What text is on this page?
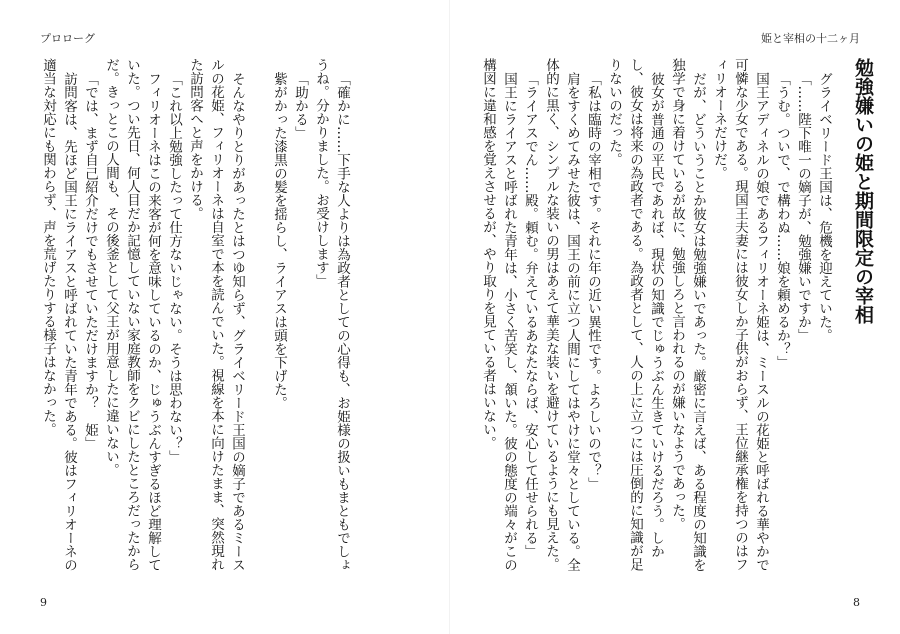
プロローグ

「確かに……下手な人よりは為政者としての心得も、お姫様の扱いもまともでしょうね。分かりました。お受けします」

「助かる」

紫がかった漆黒の髪を揺らし、ライアスは頭を下げた。

そんなやりとりがあったとはつゆ知らず、グライベリード王国の嫡子であるミースルの花姫、フィリオーネは自室で本を読んでいた。視線を本に向けたまま、突然現れた訪問客へと声をかける。

「これ以上勉強したって仕方ないじゃない。そうは思わない？」

フィリオーネはこの来客が何を意味しているのか、じゅうぶんすぎるほど理解していた。つい先日、何人目だか記憶していない家庭教師をクビにしたところだったからだ。きっとこの人間も、その後釜として父王が用意したに違いない。

「では、まず自己紹介だけでもさせていただけますか？　姫」

訪問客は、先ほど国王にライアスと呼ばれていた青年である。彼はフィリオーネの適当な対応にも関わらず、声を荒げたりする様子はなかった。

9
姫と宰相の十二ヶ月
勉強嫌いの姫と期間限定の宰相

グライベリード王国は、危機を迎えていた。

「……陛下唯一の嫡子が、勉強嫌いですか」

「うむ。ついで、で構わぬ……娘を頼めるか？」

国王アディネルの娘であるフィリオーネ姫は、ミースルの花姫と呼ばれる華やかで可憐な少女である。現国王夫妻には彼女しか子供がおらず、王位継承権を持つのはフィリオーネだけだ。

だが、どういうことか彼女は勉強嫌いであった。厳密に言えば、ある程度の知識を独学で身に着けているが故に、勉強しろと言われるのが嫌いなようであった。

彼女が普通の平民であれば、現状の知識でじゅうぶん生きていけるだろう。しかし、彼女は将来の為政者である。為政者として、人の上に立つには圧倒的に知識が足りないのだった。

「私は臨時の宰相です。それに年の近い異性です。よろしいので？」

肩をすくめてみせた彼は、国王の前に立つ人間にしてはやけに堂々としている。全体的に黒く、シンプルな装いの男はあえて華美な装いを避けているようにも見えた。

「ライアスでん……殿。頼む。弁えているあなたならば、安心して任せられる」

国王にライアスと呼ばれた青年は、小さく苦笑し、頷いた。彼の態度の端々がこの構図に違和感を覚えさせるが、やり取りを見ている者はいない。

8
